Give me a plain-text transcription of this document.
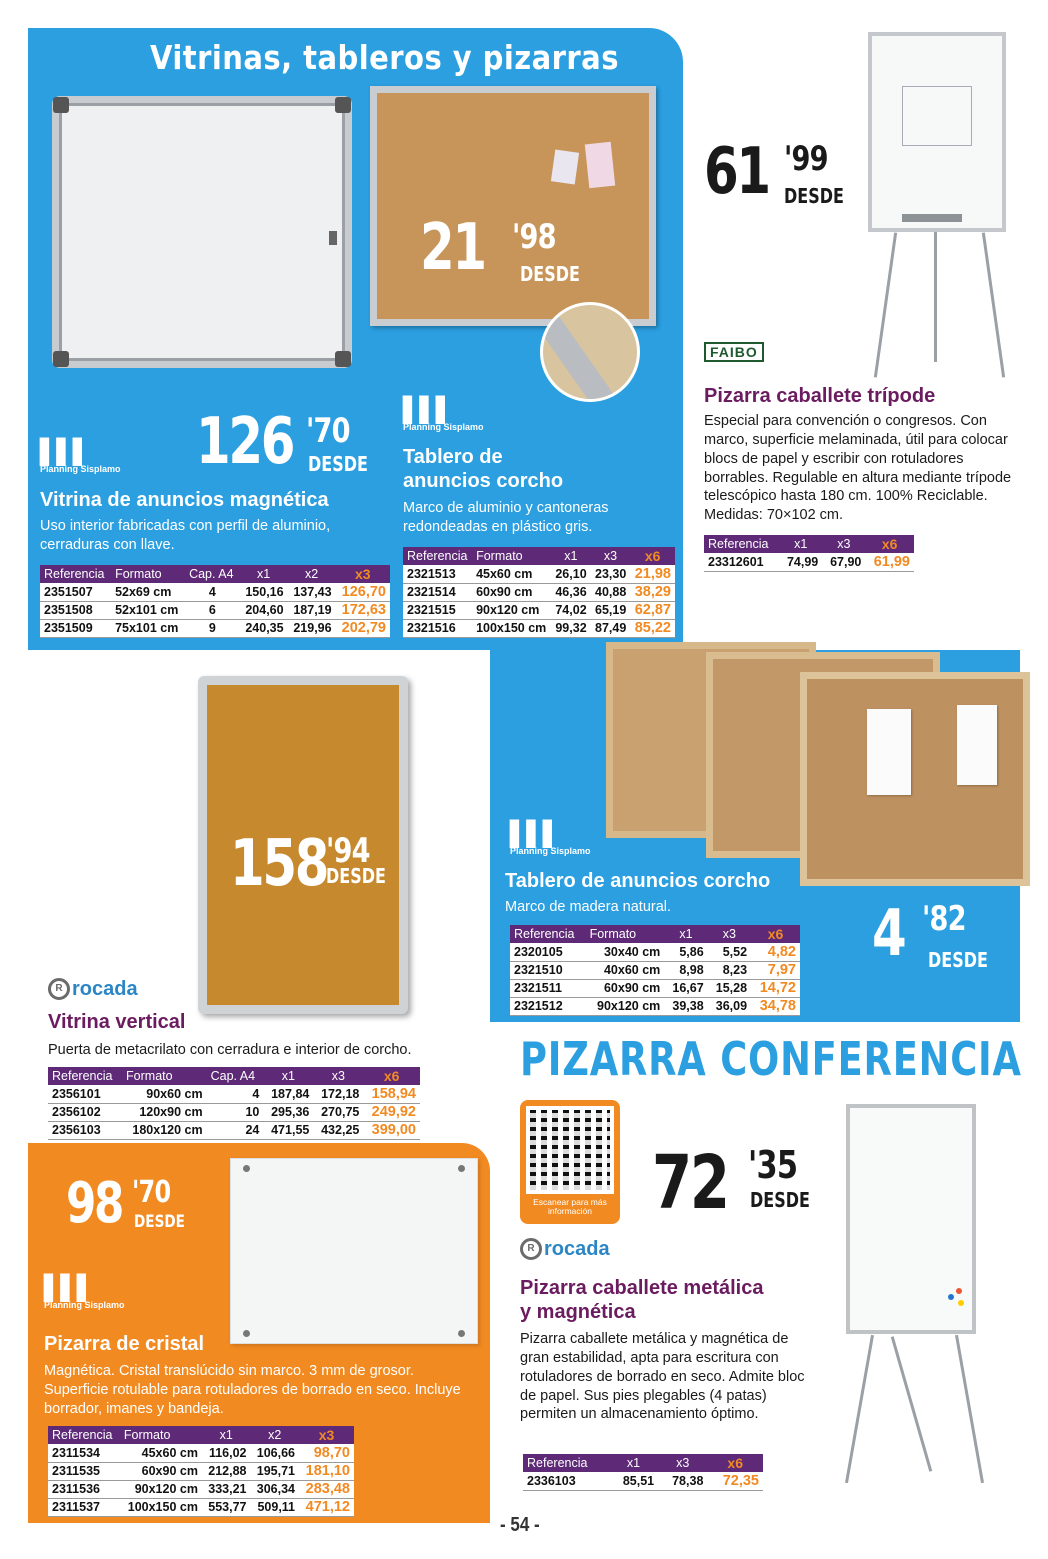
Vitrinas, tableros y pizarras
21 '98
DESDE
▌▌▌
Planning Sisplamo 126 '70
DESDE
Vitrina de anuncios magnética
Uso interior fabricadas con perfil de aluminio, cerraduras con llave.
Referencia	Formato	Cap. A4	x1	x2	x3
2351507	52x69 cm	4	150,16	137,43	126,70
2351508	52x101 cm	6	204,60	187,19	172,63
2351509	75x101 cm	9	240,35	219,96	202,79
▌▌▌
Planning Sisplamo
Tablero de
anuncios corcho
Marco de aluminio y cantoneras redondeadas en plástico gris.
Referencia	Formato	x1	x3	x6
2321513	45x60 cm	26,10	23,30	21,98
2321514	60x90 cm	46,36	40,88	38,29
2321515	90x120 cm	74,02	65,19	62,87
2321516	100x150 cm	99,32	87,49	85,22
61 '99
DESDE
FAIBO
Pizarra caballete trípode
Especial para convención o congresos. Con marco, superficie melaminada, útil para colocar blocs de papel y escribir con rotuladores borrables. Regulable en altura mediante trípode telescópico hasta 180 cm. 100% Reciclable. Medidas: 70×102 cm.
Referencia	x1	x3	x6
23312601	74,99	67,90	61,99
158
'94
DESDE
R rocada
Vitrina vertical
Puerta de metacrilato con cerradura e interior de corcho.
Referencia	Formato	Cap. A4	x1	x3	x6
2356101	90x60 cm	4	187,84	172,18	158,94
2356102	120x90 cm	10	295,36	270,75	249,92
2356103	180x120 cm	24	471,55	432,25	399,00
▌▌▌
Planning Sisplamo
Tablero de anuncios corcho
Marco de madera natural.
Referencia	Formato	x1	x3	x6
2320105	30x40 cm	5,86	5,52	4,82
2321510	40x60 cm	8,98	8,23	7,97
2321511	60x90 cm	16,67	15,28	14,72
2321512	90x120 cm	39,38	36,09	34,78
4 '82
DESDE
PIZARRA CONFERENCIA
Escanear para más información 72 '35
DESDE
R rocada
Pizarra caballete metálica
y magnética
Pizarra caballete metálica y magnética de gran estabilidad, apta para escritura con rotuladores de borrado en seco. Admite bloc de papel. Sus pies plegables (4 patas) permiten un almacenamiento óptimo.
Referencia	x1	x3	x6
2336103	85,51	78,38	72,35
98 '70
DESDE
▌▌▌
Planning Sisplamo
Pizarra de cristal
Magnética. Cristal translúcido sin marco. 3 mm de grosor. Superficie rotulable para rotuladores de borrado en seco. Incluye borrador, imanes y bandeja.
Referencia	Formato	x1	x2	x3
2311534	45x60 cm	116,02	106,66	98,70
2311535	60x90 cm	212,88	195,71	181,10
2311536	90x120 cm	333,21	306,34	283,48
2311537	100x150 cm	553,77	509,11	471,12
- 54 -
